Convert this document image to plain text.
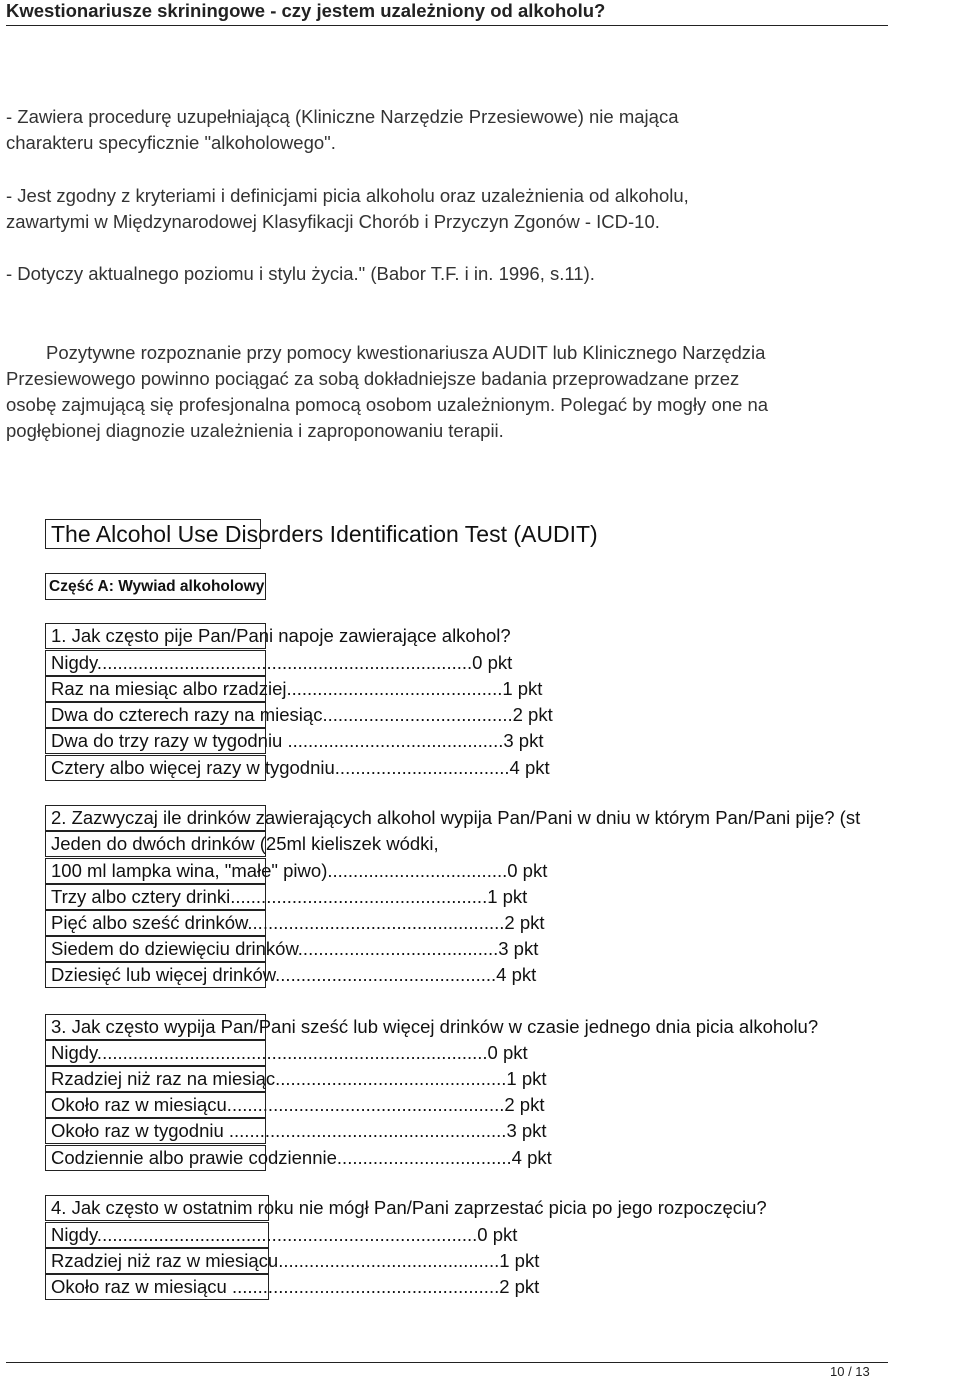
Kwestionariusze skriningowe - czy jestem uzależniony od alkoholu?
- Zawiera procedurę uzupełniającą (Kliniczne Narzędzie Przesiewowe) nie mająca
charakteru specyficznie "alkoholowego".
- Jest zgodny z kryteriami i definicjami picia alkoholu oraz uzależnienia od alkoholu,
zawartymi w Międzynarodowej Klasyfikacji Chorób i Przyczyn Zgonów - ICD-10.
- Dotyczy aktualnego poziomu i stylu życia." (Babor T.F. i in. 1996, s.11).
Pozytywne rozpoznanie przy pomocy kwestionariusza AUDIT lub Klinicznego Narzędzia
Przesiewowego powinno pociągać za sobą dokładniejsze badania przeprowadzane przez
osobę zajmującą się profesjonalna pomocą osobom uzależnionym. Polegać by mogły one na
pogłębionej diagnozie uzależnienia i zaproponowaniu terapii.
The Alcohol Use Disorders Identification Test (AUDIT)
Część A: Wywiad alkoholowy
1. Jak często pije Pan/Pani napoje zawierające alkohol?
Nigdy.........................................................................0 pkt
Raz na miesiąc albo rzadziej..........................................1 pkt
Dwa do czterech razy na miesiąc.....................................2 pkt
Dwa do trzy razy w tygodniu ..........................................3 pkt
Cztery albo więcej razy w tygodniu..................................4 pkt
2. Zazwyczaj ile drinków zawierających alkohol wypija Pan/Pani w dniu w którym Pan/Pani pije? (st
Jeden do dwóch drinków (25ml kieliszek wódki,
100 ml lampka wina, "małe" piwo)...................................0 pkt
Trzy albo cztery drinki..................................................1 pkt
Pięć albo sześć drinków..................................................2 pkt
Siedem do dziewięciu drinków.......................................3 pkt
Dziesięć lub więcej drinków...........................................4 pkt
3. Jak często wypija Pan/Pani sześć lub więcej drinków w czasie jednego dnia picia alkoholu?
Nigdy............................................................................0 pkt
Rzadziej niż raz na miesiąc.............................................1 pkt
Około raz w miesiącu......................................................2 pkt
Około raz w tygodniu ......................................................3 pkt
Codziennie albo prawie codziennie..................................4 pkt
4. Jak często w ostatnim roku nie mógł Pan/Pani zaprzestać picia po jego rozpoczęciu?
Nigdy..........................................................................0 pkt
Rzadziej niż raz w miesiącu...........................................1 pkt
Około raz w miesiącu ....................................................2 pkt
10 / 13
